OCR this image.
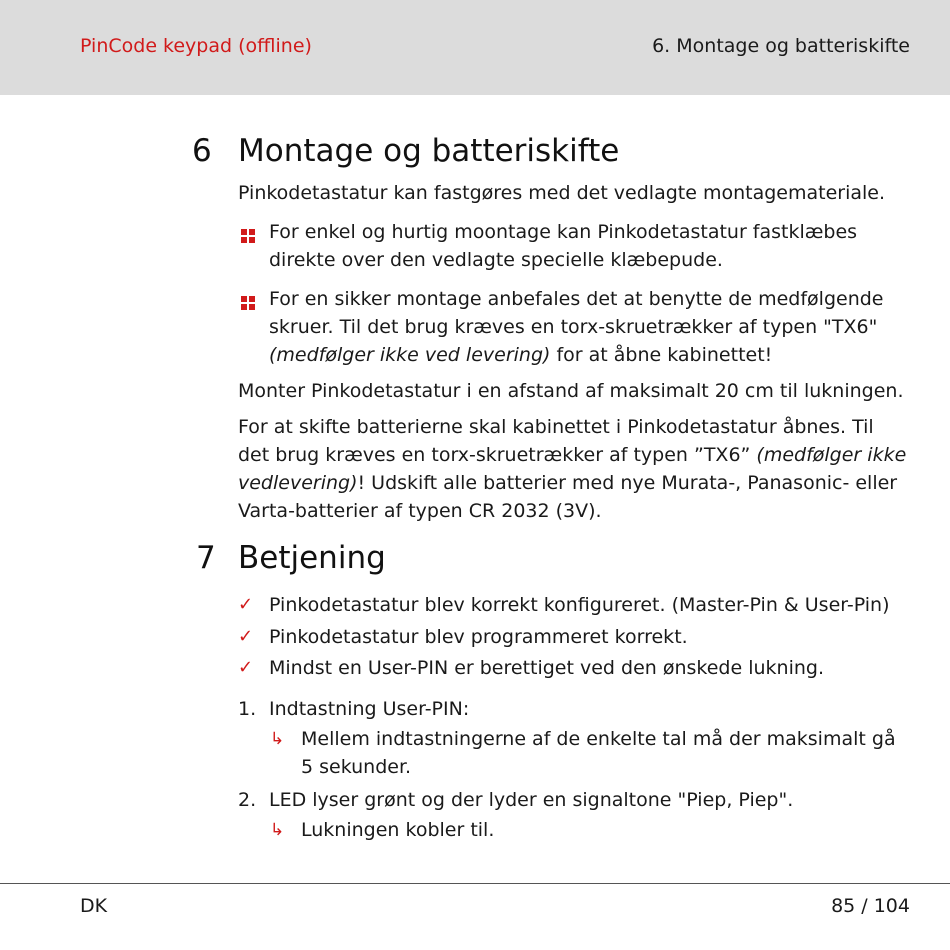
PinCode keypad (offline)	6. Montage og batteriskifte
6 Montage og batteriskifte
Pinkodetastatur kan fastgøres med det vedlagte montagemateriale.
For enkel og hurtig moontage kan Pinkodetastatur fastklæbes direkte over den vedlagte specielle klæbepude.
For en sikker montage anbefales det at benytte de medfølgende skruer. Til det brug kræves en torx-skruetrækker af typen "TX6" (medfølger ikke ved levering) for at åbne kabinettet!
Monter Pinkodetastatur i en afstand af maksimalt 20 cm til lukningen.
For at skifte batterierne skal kabinettet i Pinkodetastatur åbnes. Til det brug kræves en torx-skruetrækker af typen ”TX6” (medfølger ikke vedlevering)! Udskift alle batterier med nye Murata-, Panasonic- eller Varta-batterier af typen CR 2032 (3V).
7 Betjening
✓ Pinkodetastatur blev korrekt konfigureret. (Master-Pin & User-Pin)
✓ Pinkodetastatur blev programmeret korrekt.
✓ Mindst en User-PIN er berettiget ved den ønskede lukning.
1. Indtastning User-PIN:
↳ Mellem indtastningerne af de enkelte tal må der maksimalt gå 5 sekunder.
2. LED lyser grønt og der lyder en signaltone "Piep, Piep".
↳ Lukningen kobler til.
DK	85 / 104
